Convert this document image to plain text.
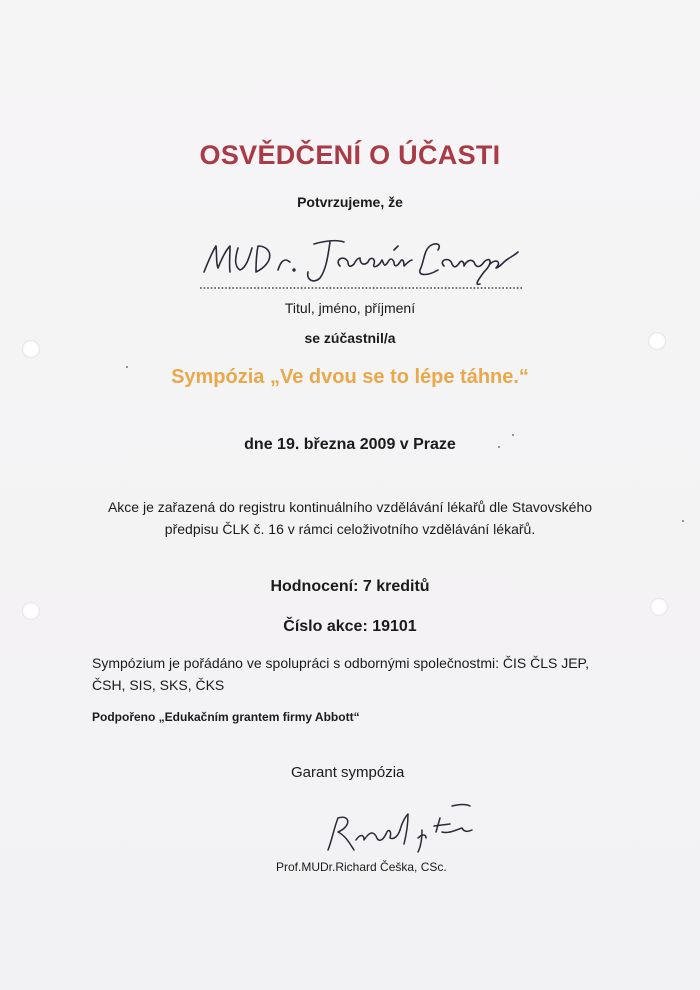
OSVĚDČENÍ O ÚČASTI
Potvrzujeme, že
Titul, jméno, příjmení
se zúčastnil/a
Sympózia „Ve dvou se to lépe táhne.“
dne 19. března 2009 v Praze
Akce je zařazená do registru kontinuálního vzdělávání lékařů dle Stavovského
předpisu ČLK č. 16 v rámci celoživotního vzdělávání lékařů.
Hodnocení: 7 kreditů
Číslo akce: 19101
Sympózium je pořádáno ve spolupráci s odbornými společnostmi: ČIS ČLS JEP,
ČSH, SIS, SKS, ČKS
Podpořeno „Edukačním grantem firmy Abbott“
Garant sympózia
Prof.MUDr.Richard Češka, CSc.
